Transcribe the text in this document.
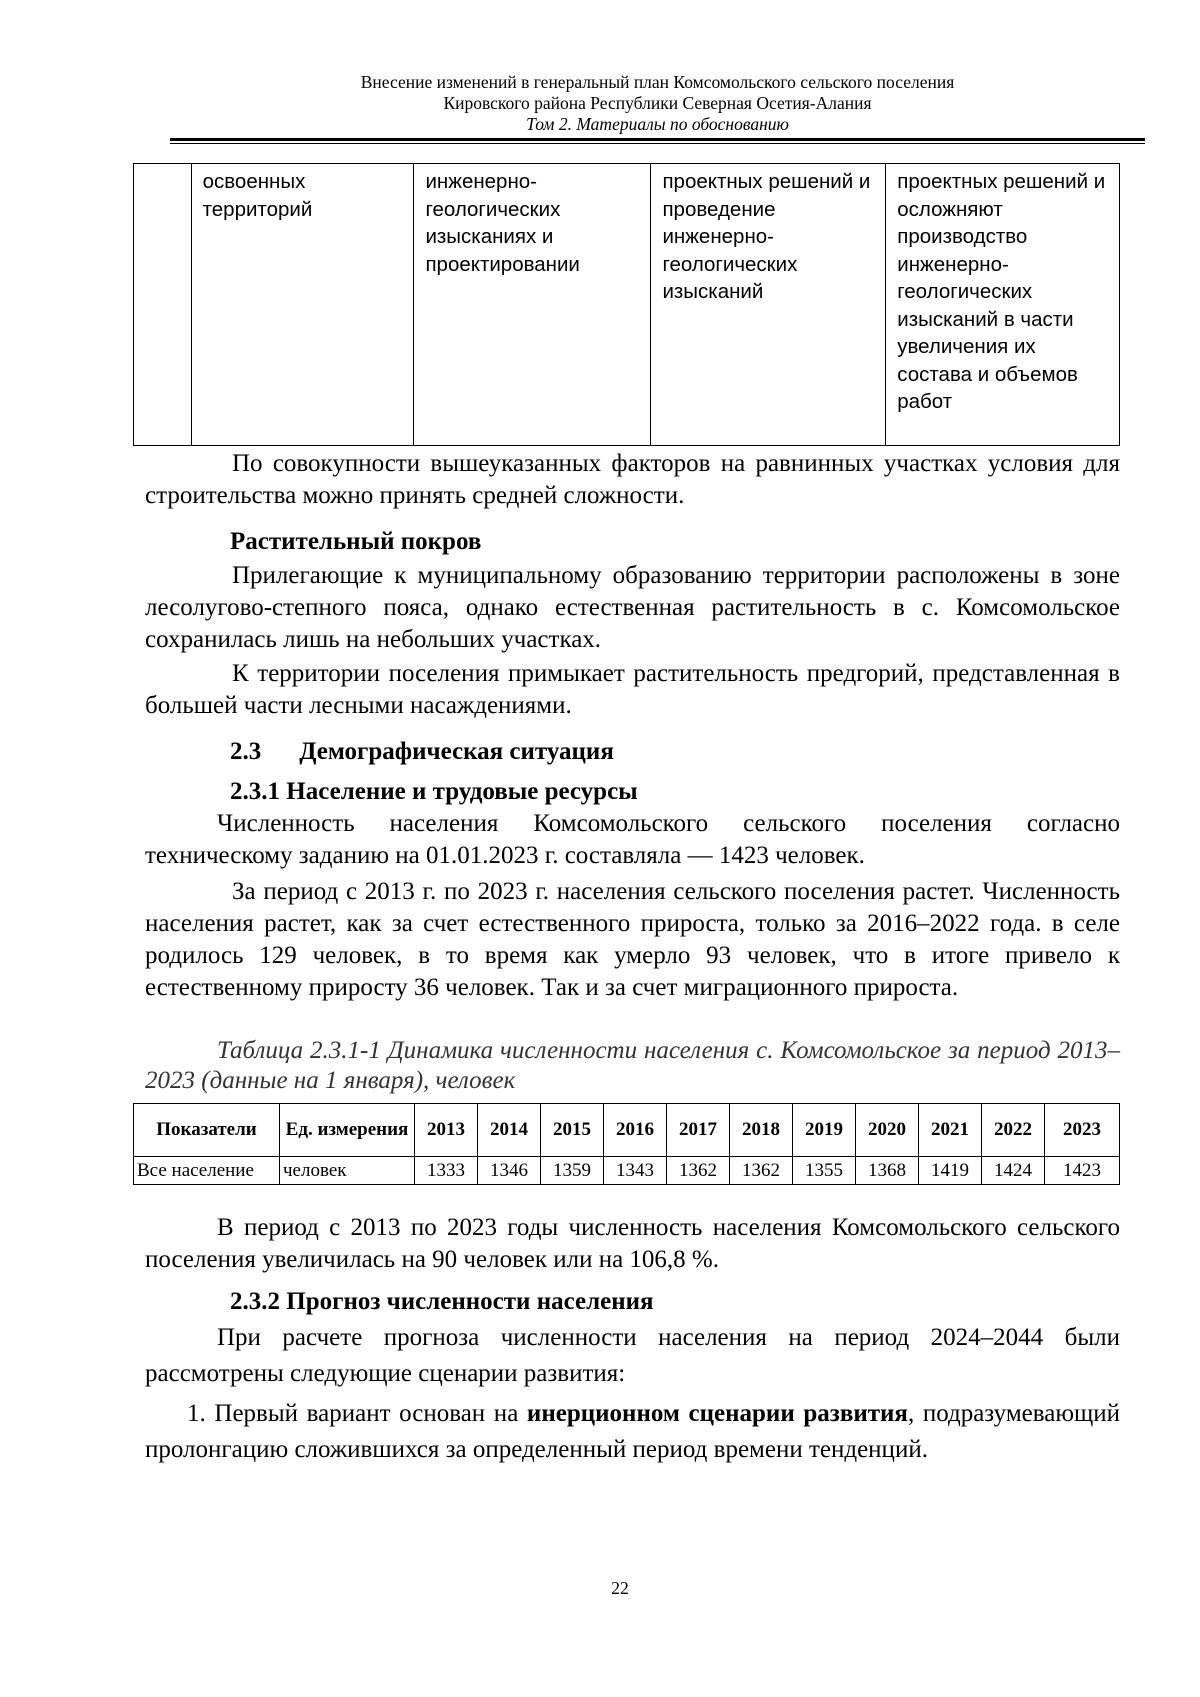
Внесение изменений в генеральный план Комсомольского сельского поселения
Кировского района Республики Северная Осетия-Алания
Том 2. Материалы по обоснованию
	освоенных территорий	инженерно-геологических изысканиях и проектировании	проектных решений и проведение инженерно-геологических изысканий	проектных решений и осложняют производство инженерно-геологических изысканий в части увеличения их состава и объемов работ
По совокупности вышеуказанных факторов на равнинных участках условия для строительства можно принять средней сложности.
Растительный покров
Прилегающие к муниципальному образованию территории расположены в зоне лесолугово-степного пояса, однако естественная растительность в с. Комсомольское сохранилась лишь на небольших участках.
К территории поселения примыкает растительность предгорий, представленная в большей части лесными насаждениями.
2.3 Демографическая ситуация
2.3.1 Население и трудовые ресурсы
Численность населения Комсомольского сельского поселения согласно техническому заданию на 01.01.2023 г. составляла — 1423 человек.
За период с 2013 г. по 2023 г. населения сельского поселения растет. Численность населения растет, как за счет естественного прироста, только за 2016–2022 года. в селе родилось 129 человек, в то время как умерло 93 человек, что в итоге привело к естественному приросту 36 человек. Так и за счет миграционного прироста.
Таблица 2.3.1-1 Динамика численности населения с. Комсомольское за период 2013–2023 (данные на 1 января), человек
Показатели	Ед. измерения	2013	2014	2015	2016	2017	2018	2019	2020	2021	2022	2023
Все население	человек	1333	1346	1359	1343	1362	1362	1355	1368	1419	1424	1423
В период с 2013 по 2023 годы численность населения Комсомольского сельского поселения увеличилась на 90 человек или на 106,8 %.
2.3.2 Прогноз численности населения
При расчете прогноза численности населения на период 2024–2044 были рассмотрены следующие сценарии развития:
1. Первый вариант основан на инерционном сценарии развития, подразумевающий пролонгацию сложившихся за определенный период времени тенденций.
22
